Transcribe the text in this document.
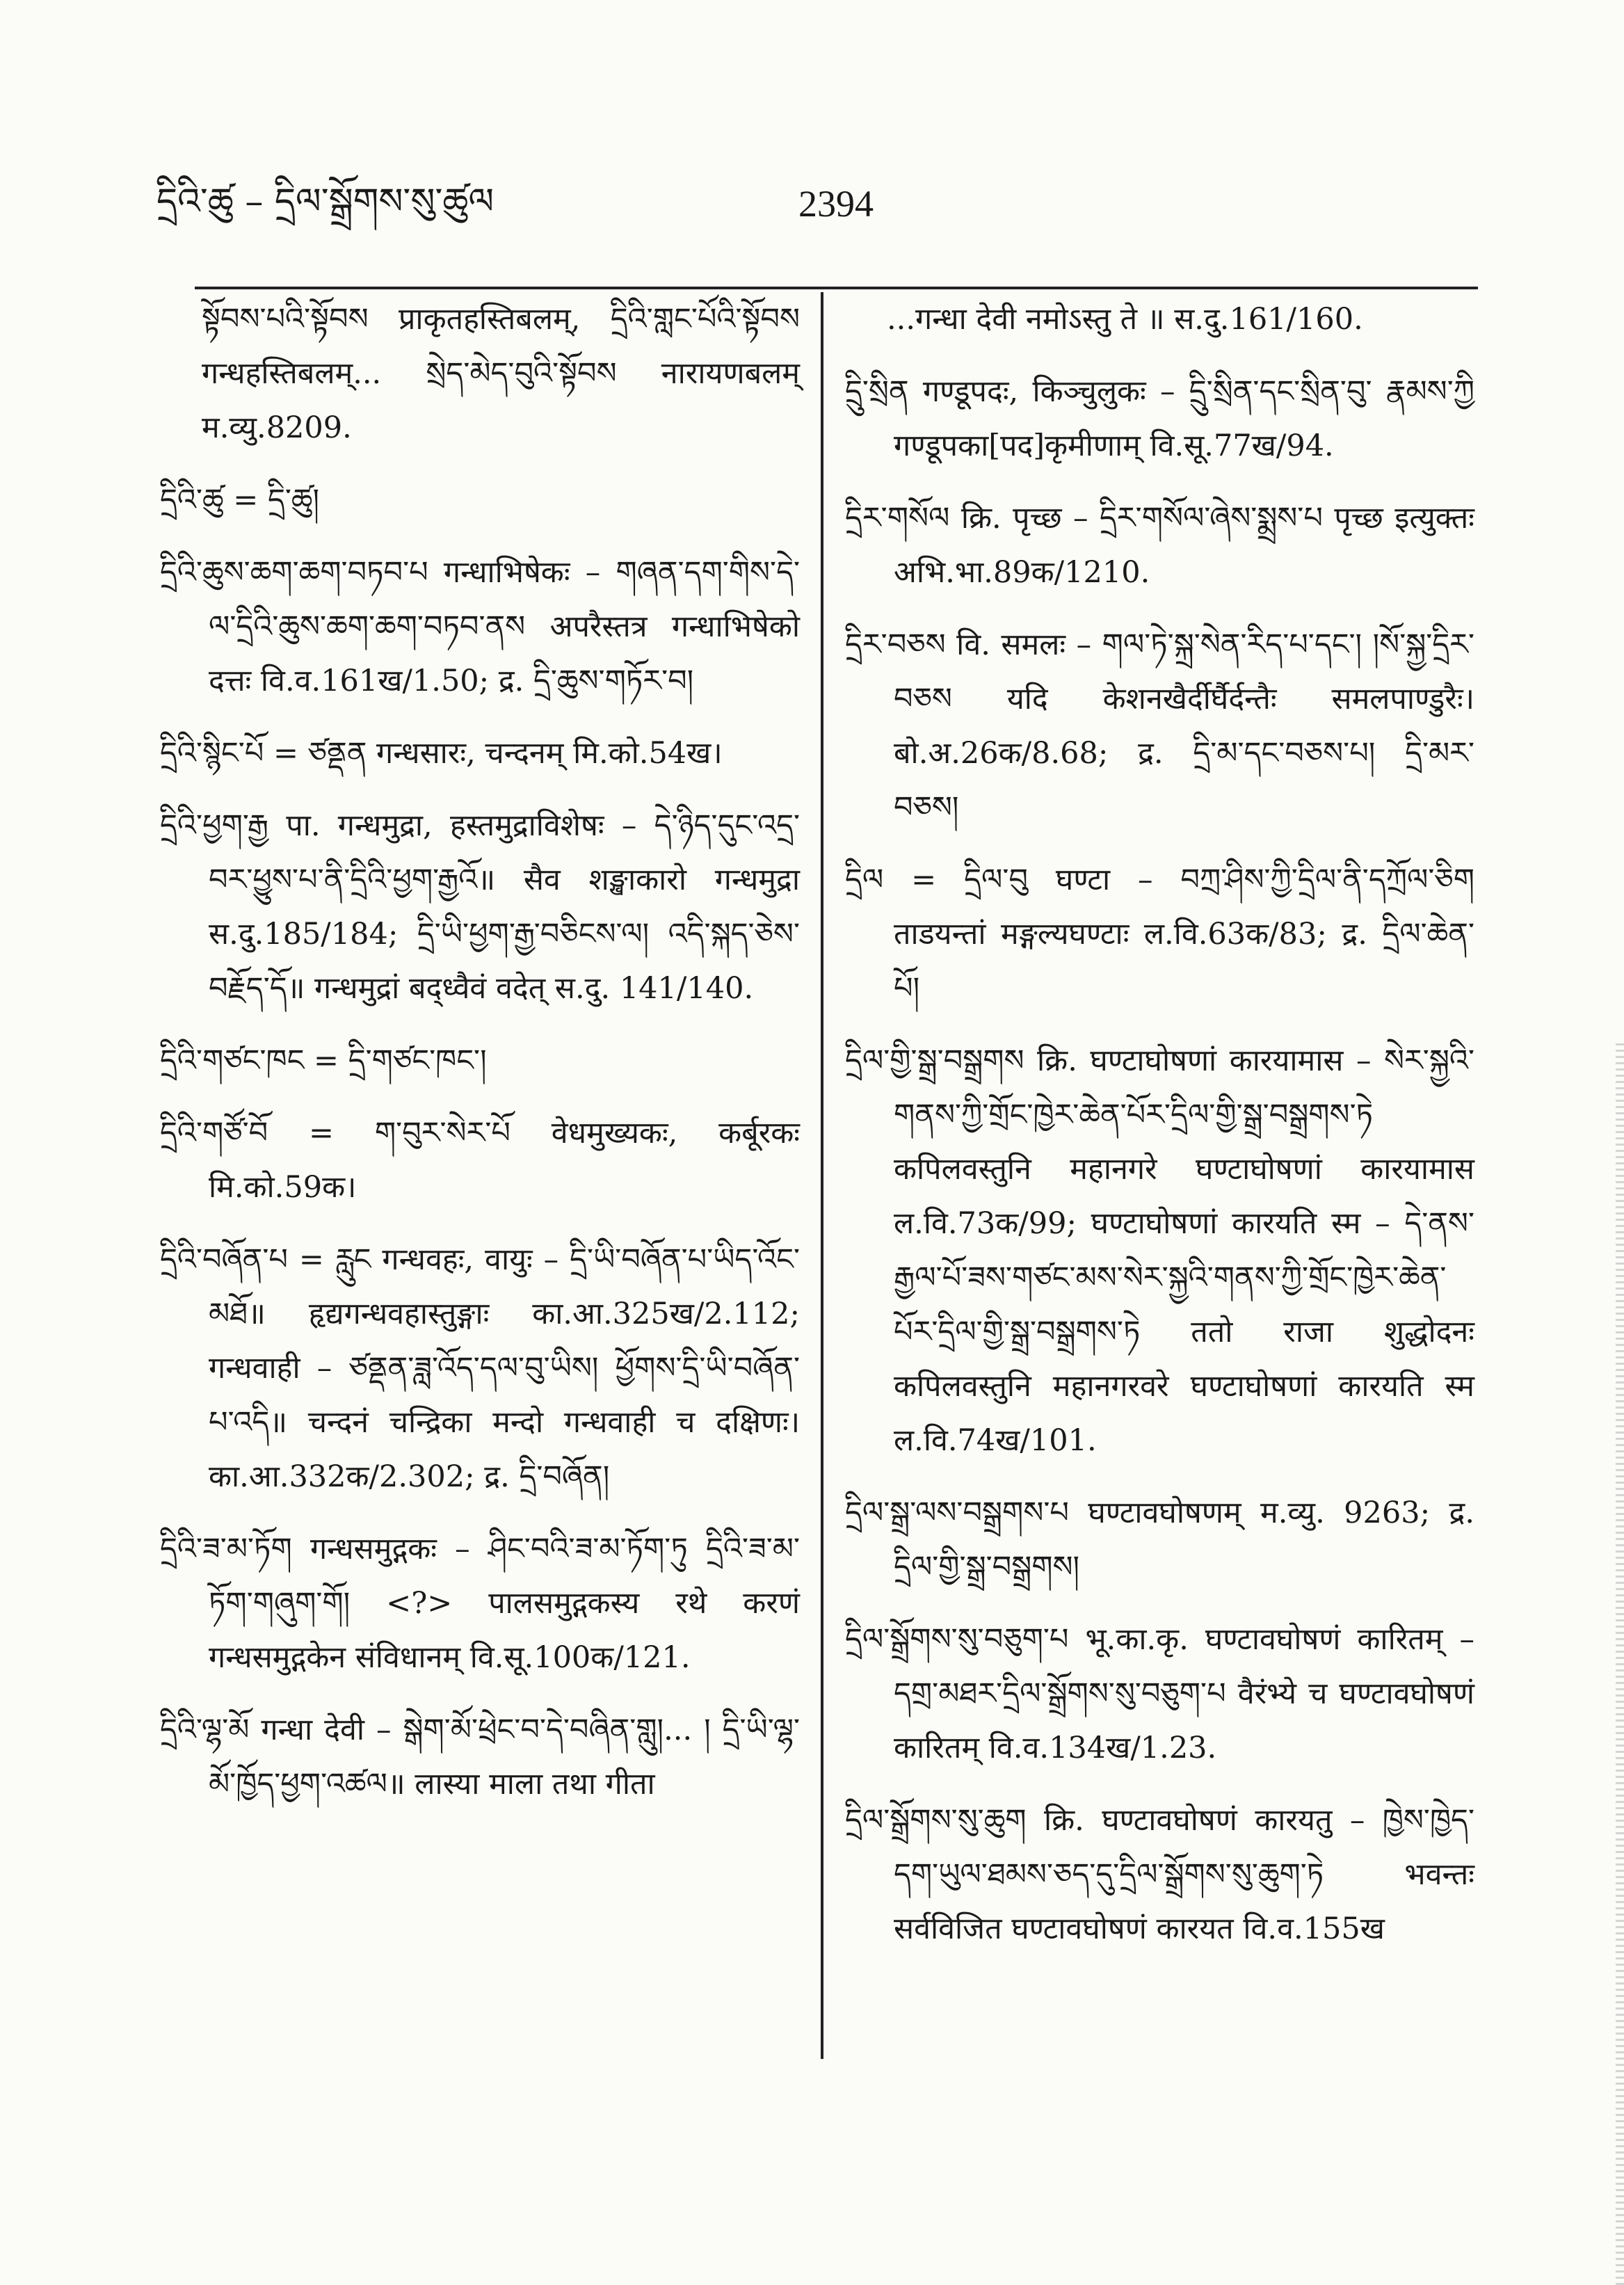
དྲིའི་ཚུ – དྲིལ་སྒྲོགས་སུ་ཚུལ	2394

སྟོབས་པའི་སྟོབས प्राकृतहस्तिबलम्, དྲིའི་གླང་པོའི་སྟོབས गन्धहस्तिबलम्... སྲེད་མེད་བུའི་སྟོབས नारायणबलम् म.व्यु.8209.

དྲིའི་ཚུ = དྲི་ཚུ།

དྲིའི་ཆུས་ཆག་ཆག་བཏབ་པ गन्धाभिषेकः – གཞན་དག་གིས་དེ་ལ་དྲིའི་ཆུས་ཆག་ཆག་བཏབ་ནས अपरैस्तत्र गन्धाभिषेको दत्तः वि.व.161ख/1.50; द्र. དྲི་ཆུས་གཏོར་བ།

དྲིའི་སྙིང་པོ = ཙནྡན गन्धसारः, चन्दनम् मि.को.54ख।

དྲིའི་ཕྱག་རྒྱ पा. गन्धमुद्रा, हस्तमुद्राविशेषः – དེ་ཉིད་དུང་འདྲ་བར་ཕྱུས་པ་ནི་དྲིའི་ཕྱག་རྒྱའོ॥ सैव शङ्खाकारो गन्धमुद्रा स.दु.185/184; དྲི་ཡི་ཕྱག་རྒྱ་བཅིངས་ལ། འདི་སྐད་ཅེས་བརྗོད་དོ॥ गन्धमुद्रां बद्ध्वैवं वदेत् स.दु. 141/140.

དྲིའི་གཙང་ཁང = དྲི་གཙང་ཁང་།

དྲིའི་གཙོ་བོ = ག་བུར་སེར་པོ वेधमुख्यकः, कर्बूरकः मि.को.59क।

དྲིའི་བཞོན་པ = རླུང गन्धवहः, वायुः – དྲི་ཡི་བཞོན་པ་ཡིད་འོང་མཐོ॥ हृद्यगन्धवहास्तुङ्गाः का.आ.325ख/2.112; गन्धवाही – ཙནྡན་ཟླ་འོད་དལ་བུ་ཡིས། ཕྱོགས་དྲི་ཡི་བཞོན་པ་འདི॥ चन्दनं चन्द्रिका मन्दो गन्धवाही च दक्षिणः। का.आ.332क/2.302; द्र. དྲི་བཞོན།

དྲིའི་ཟ་མ་ཏོག गन्धसमुद्गकः – ཤིང་བའི་ཟ་མ་ཏོག་ཏུ དྲིའི་ཟ་མ་ཏོག་གཞུག་གོ། <?> पालसमुद्गकस्य रथे करणं गन्धसमुद्गकेन संविधानम् वि.सू.100क/121.

དྲིའི་ལྷ་མོ गन्धा देवी – སྒེག་མོ་ཕྲེང་བ་དེ་བཞིན་གླུ།... ། དྲི་ཡི་ལྷ་མོ་ཁྱོད་ཕྱག་འཚལ॥ लास्या माला तथा गीता

...गन्धा देवी नमोऽस्तु ते ॥ स.दु.161/160.

དྲིུ་སྲིན गण्डूपदः, किञ्चुलुकः – དྲིུ་སྲིན་དང་སྲིན་བུ་ རྣམས་ཀྱི गण्डूपका[पद]कृमीणाम् वि.सू.77ख/94.

དྲིར་གསོལ क्रि. पृच्छ – དྲིར་གསོལ་ཞེས་སྨྲས་པ पृच्छ इत्युक्तः अभि.भा.89क/1210.

དྲིར་བཅས वि. समलः – གལ་ཏེ་སྐྲ་སེན་རིད་པ་དང་། །སོ་སྐྱ་དྲིར་བཅས यदि केशनखैर्दीर्घैर्दन्तैः समलपाण्डुरैः। बो.अ.26क/8.68; द्र. དྲི་མ་དང་བཅས་པ། དྲི་མར་བཅས།

དྲིལ = དྲིལ་བུ घण्टा – བཀྲ་ཤིས་ཀྱི་དྲིལ་ནི་དཀྲོལ་ཅིག ताडयन्तां मङ्गल्यघण्टाः ल.वि.63क/83; द्र. དྲིལ་ཆེན་པོ།

དྲིལ་གྱི་སྒྲ་བསྒྲགས क्रि. घण्टाघोषणां कारयामास – སེར་སྐྱའི་གནས་ཀྱི་གྲོང་ཁྱེར་ཆེན་པོར་དྲིལ་གྱི་སྒྲ་བསྒྲགས་ཏེ कपिलवस्तुनि महानगरे घण्टाघोषणां कारयामास ल.वि.73क/99; घण्टाघोषणां कारयति स्म – དེ་ནས་རྒྱལ་པོ་ཟས་གཙང་མས་སེར་སྐྱའི་གནས་ཀྱི་གྲོང་ཁྱེར་ཆེན་པོར་དྲིལ་གྱི་སྒྲ་བསྒྲགས་ཏེ ततो राजा शुद्धोदनः कपिलवस्तुनि महानगरवरे घण्टाघोषणां कारयति स्म ल.वि.74ख/101.

དྲིལ་སྒྲ་ལས་བསྒྲགས་པ घण्टावघोषणम् म.व्यु. 9263; द्र. དྲིལ་གྱི་སྒྲ་བསྒྲགས།

དྲིལ་སྒྲོགས་སུ་བཅུག་པ भू.का.कृ. घण्टावघोषणं कारितम् – དགྲ་མཐར་དྲིལ་སྒྲོགས་སུ་བཅུག་པ वैरंभ्ये च घण्टावघोषणं कारितम् वि.व.134ख/1.23.

དྲིལ་སྒྲོགས་སུ་ཆུག क्रि. घण्टावघोषणं कारयतु – ཁྱེས་ཁྱེད་དག་ཡུལ་ཐམས་ཅད་དུ་དྲིལ་སྒྲོགས་སུ་ཆུག་ཏེ भवन्तः सर्वविजित घण्टावघोषणं कारयत वि.व.155ख
